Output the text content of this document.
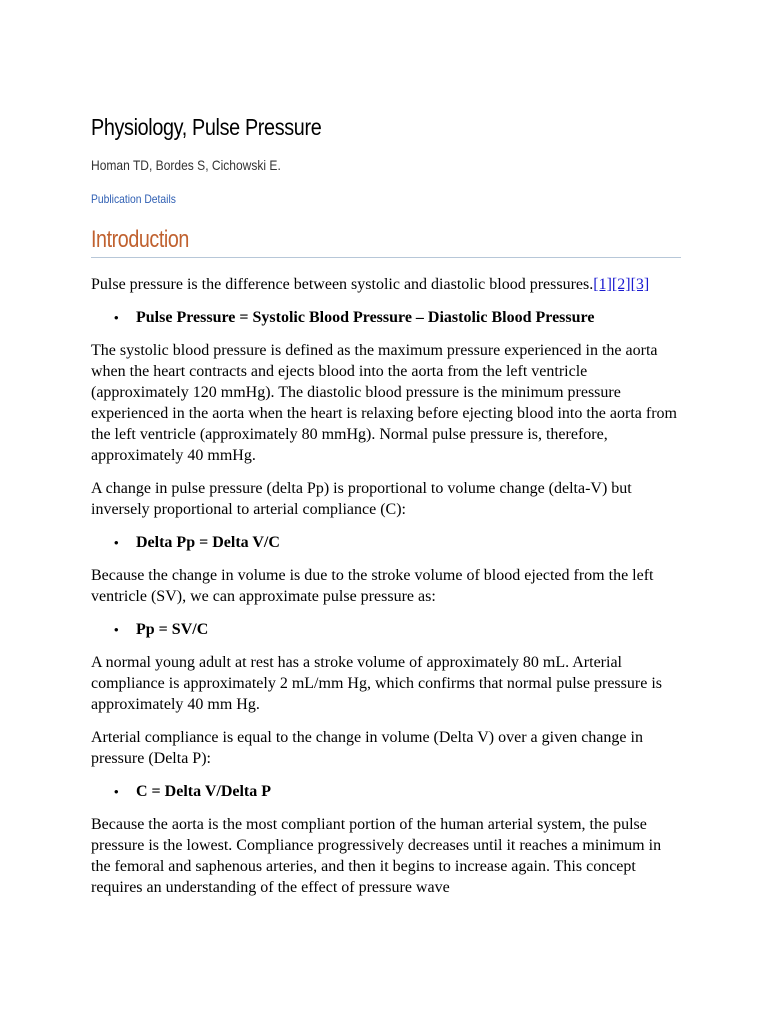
Physiology, Pulse Pressure
Homan TD, Bordes S, Cichowski E.
Publication Details
Introduction

Pulse pressure is the difference between systolic and diastolic blood pressures.[1][2][3]

• Pulse Pressure = Systolic Blood Pressure – Diastolic Blood Pressure

The systolic blood pressure is defined as the maximum pressure experienced in the aorta when the heart contracts and ejects blood into the aorta from the left ventricle (approximately 120 mmHg). The diastolic blood pressure is the minimum pressure experienced in the aorta when the heart is relaxing before ejecting blood into the aorta from the left ventricle (approximately 80 mmHg). Normal pulse pressure is, therefore, approximately 40 mmHg.

A change in pulse pressure (delta Pp) is proportional to volume change (delta-V) but inversely proportional to arterial compliance (C):

• Delta Pp = Delta V/C

Because the change in volume is due to the stroke volume of blood ejected from the left ventricle (SV), we can approximate pulse pressure as:

• Pp = SV/C

A normal young adult at rest has a stroke volume of approximately 80 mL. Arterial compliance is approximately 2 mL/mm Hg, which confirms that normal pulse pressure is approximately 40 mm Hg.

Arterial compliance is equal to the change in volume (Delta V) over a given change in pressure (Delta P):

• C = Delta V/Delta P

Because the aorta is the most compliant portion of the human arterial system, the pulse pressure is the lowest. Compliance progressively decreases until it reaches a minimum in the femoral and saphenous arteries, and then it begins to increase again. This concept requires an understanding of the effect of pressure wave
